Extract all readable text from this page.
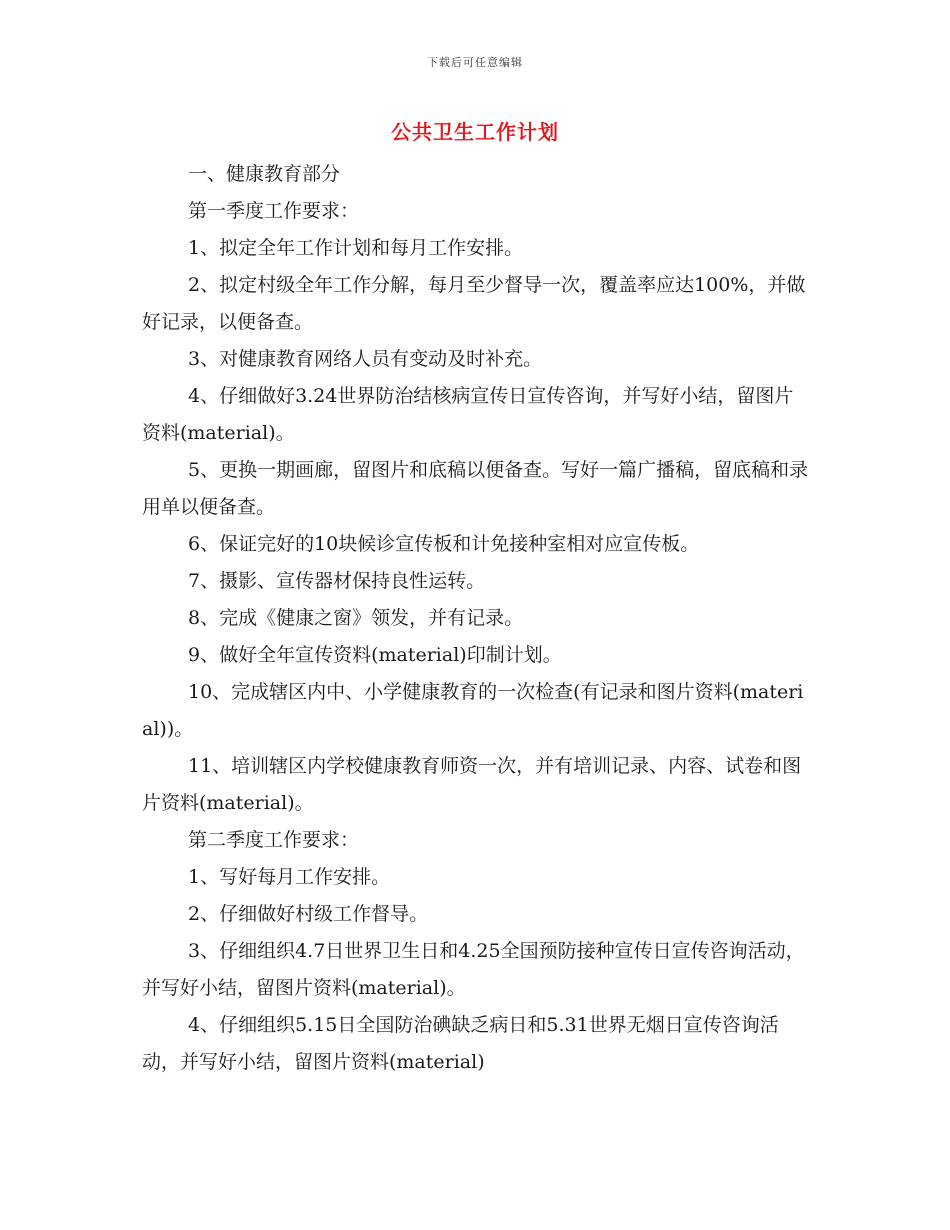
下载后可任意编辑
公共卫生工作计划

一、健康教育部分

第一季度工作要求：

1、拟定全年工作计划和每月工作安排。

2、拟定村级全年工作分解，每月至少督导一次，覆盖率应达100%，并做好记录，以便备查。

3、对健康教育网络人员有变动及时补充。

4、仔细做好3.24世界防治结核病宣传日宣传咨询，并写好小结，留图片资料(material)。

5、更换一期画廊，留图片和底稿以便备查。写好一篇广播稿，留底稿和录用单以便备查。

6、保证完好的10块候诊宣传板和计免接种室相对应宣传板。

7、摄影、宣传器材保持良性运转。

8、完成《健康之窗》领发，并有记录。

9、做好全年宣传资料(material)印制计划。

10、完成辖区内中、小学健康教育的一次检查(有记录和图片资料(material))。

11、培训辖区内学校健康教育师资一次，并有培训记录、内容、试卷和图片资料(material)。

第二季度工作要求：

1、写好每月工作安排。

2、仔细做好村级工作督导。

3、仔细组织4.7日世界卫生日和4.25全国预防接种宣传日宣传咨询活动，并写好小结，留图片资料(material)。

4、仔细组织5.15日全国防治碘缺乏病日和5.31世界无烟日宣传咨询活动，并写好小结，留图片资料(material)
